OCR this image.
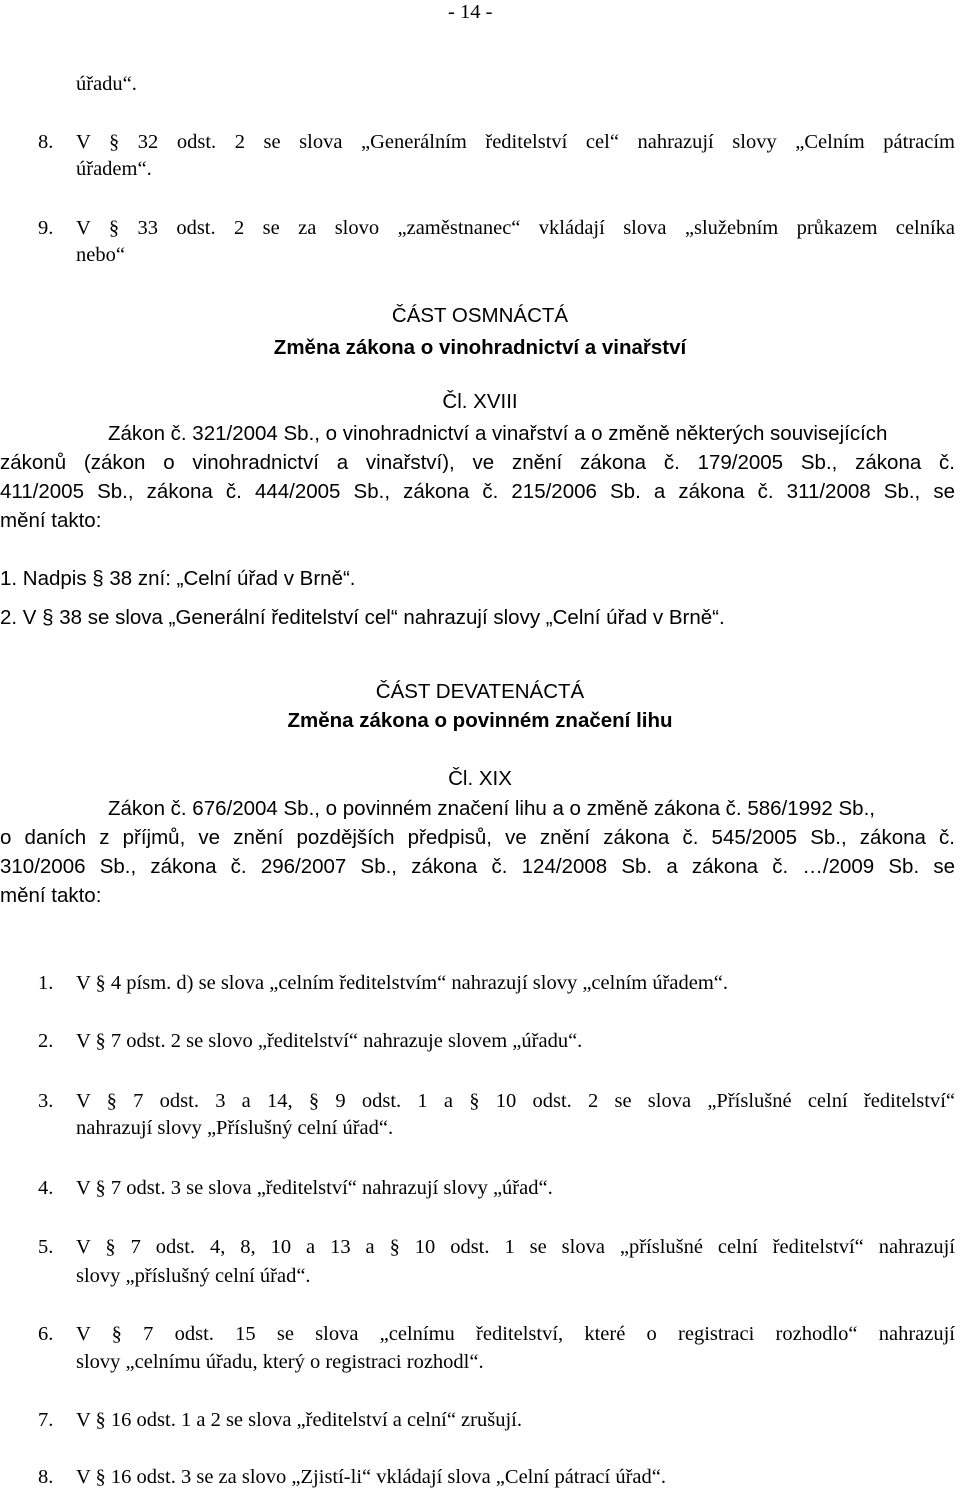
- 14 -
úřadu“.
8. V § 32 odst. 2 se slova „Generálním ředitelství cel“ nahrazují slovy „Celním pátracím
úřadem“.
9. V § 33 odst. 2 se za slovo „zaměstnanec“ vkládají slova „služebním průkazem celníka
nebo“
ČÁST OSMNÁCTÁ
Změna zákona o vinohradnictví a vinařství
Čl. XVIII
Zákon č. 321/2004 Sb., o vinohradnictví a vinařství a o změně některých souvisejících
zákonů (zákon o vinohradnictví a vinařství), ve znění zákona č. 179/2005 Sb., zákona č.
411/2005 Sb., zákona č. 444/2005 Sb., zákona č. 215/2006 Sb. a zákona č. 311/2008 Sb., se
mění takto:
1. Nadpis § 38 zní: „Celní úřad v Brně“.
2. V § 38 se slova „Generální ředitelství cel“ nahrazují slovy „Celní úřad v Brně“.
ČÁST DEVATENÁCTÁ
Změna zákona o povinném značení lihu
Čl. XIX
Zákon č. 676/2004 Sb., o povinném značení lihu a o změně zákona č. 586/1992 Sb.,
o daních z příjmů, ve znění pozdějších předpisů, ve znění zákona č. 545/2005 Sb., zákona č.
310/2006 Sb., zákona č. 296/2007 Sb., zákona č. 124/2008 Sb. a zákona č. …/2009 Sb. se
mění takto:
1. V § 4 písm. d) se slova „celním ředitelstvím“ nahrazují slovy „celním úřadem“.
2. V § 7 odst. 2 se slovo „ředitelství“ nahrazuje slovem „úřadu“.
3. V § 7 odst. 3 a 14, § 9 odst. 1 a § 10 odst. 2 se slova „Příslušné celní ředitelství“
nahrazují slovy „Příslušný celní úřad“.
4. V § 7 odst. 3 se slova „ředitelství“ nahrazují slovy „úřad“.
5. V § 7 odst. 4, 8, 10 a 13 a § 10 odst. 1 se slova „příslušné celní ředitelství“ nahrazují
slovy „příslušný celní úřad“.
6. V § 7 odst. 15 se slova „celnímu ředitelství, které o registraci rozhodlo“ nahrazují
slovy „celnímu úřadu, který o registraci rozhodl“.
7. V § 16 odst. 1 a 2 se slova „ředitelství a celní“ zrušují.
8. V § 16 odst. 3 se za slovo „Zjistí-li“ vkládají slova „Celní pátrací úřad“.
